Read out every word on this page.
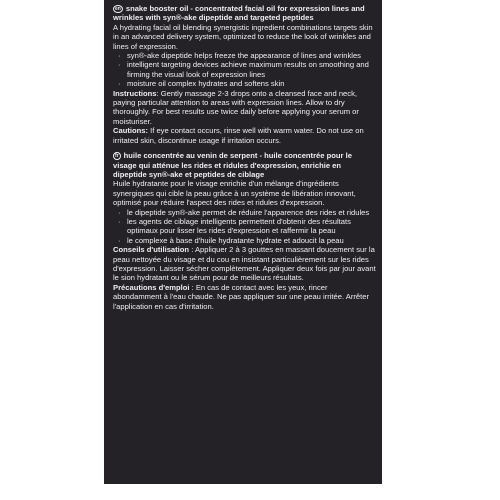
en snake booster oil - concentrated facial oil for expression lines and wrinkles with syn®-ake dipeptide and targeted peptides

A hydrating facial oil blending synergistic ingredient combinations targets skin in an advanced delivery system, optimized to reduce the look of wrinkles and lines of expression.

· syn®-ake dipeptide helps freeze the appearance of lines and wrinkles
· intelligent targeting devices achieve maximum results on smoothing and firming the visual look of expression lines
· moisture oil complex hydrates and softens skin

Instructions: Gently massage 2-3 drops onto a cleansed face and neck, paying particular attention to areas with expression lines. Allow to dry thoroughly. For best results use twice daily before applying your serum or moisturiser.

Cautions: If eye contact occurs, rinse well with warm water. Do not use on irritated skin, discontinue usage if irritation occurs.

fr huile concentrée au venin de serpent - huile concentrée pour le visage qui atténue les rides et ridules d'expression, enrichie en dipeptide syn®-ake et peptides de ciblage

Huile hydratante pour le visage enrichie d'un mélange d'ingrédients synergiques qui cible la peau grâce à un système de libération innovant, optimisé pour réduire l'aspect des rides et ridules d'expression.

· le dipeptide syn®-ake permet de réduire l'apparence des rides et ridules
· les agents de ciblage intelligents permettent d'obtenir des résultats optimaux pour lisser les rides d'expression et raffermir la peau
· le complexe à base d'huile hydratante hydrate et adoucit la peau

Conseils d'utilisation : Appliquer 2 à 3 gouttes en massant doucement sur la peau nettoyée du visage et du cou en insistant particulièrement sur les rides d'expression. Laisser sécher complètement. Appliquer deux fois par jour avant le sion hydratant ou le sérum pour de meilleurs résultats.

Précautions d'emploi : En cas de contact avec les yeux, rincer abondamment à l'eau chaude. Ne pas appliquer sur une peau irritée. Arrêter l'application en cas d'irritation.
